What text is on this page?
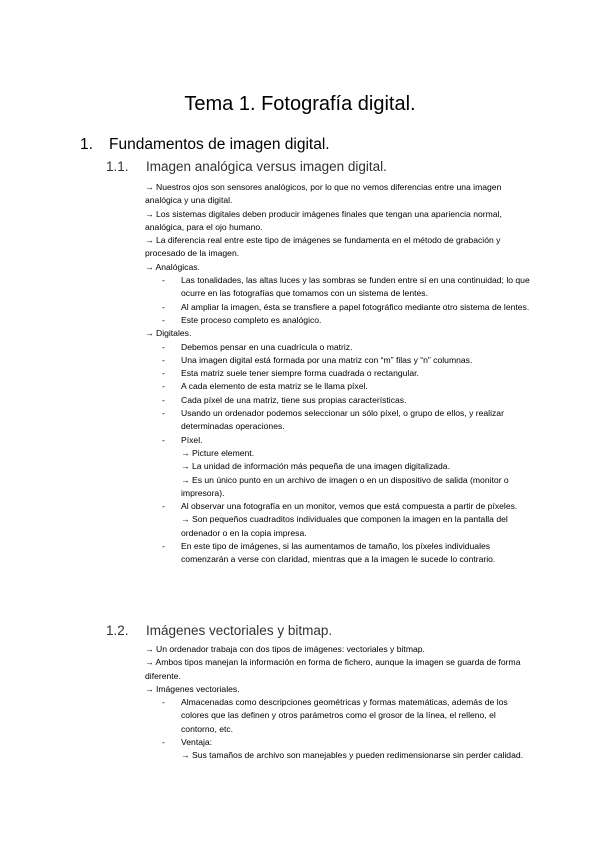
Tema 1. Fotografía digital.
1. Fundamentos de imagen digital.
1.1. Imagen analógica versus imagen digital.

→ Nuestros ojos son sensores analógicos, por lo que no vemos diferencias entre una imagen analógica y una digital.

→ Los sistemas digitales deben producir imágenes finales que tengan una apariencia normal, analógica, para el ojo humano.

→ La diferencia real entre este tipo de imágenes se fundamenta en el método de grabación y procesado de la imagen.

→ Analógicas.

- Las tonalidades, las altas luces y las sombras se funden entre sí en una continuidad; lo que ocurre en las fotografías que tomamos con un sistema de lentes.

- Al ampliar la imagen, ésta se transfiere a papel fotográfico mediante otro sistema de lentes.

- Este proceso completo es analógico.

→ Digitales.

- Debemos pensar en una cuadrícula o matriz.

- Una imagen digital está formada por una matriz con “m” filas y “n” columnas.

- Esta matriz suele tener siempre forma cuadrada o rectangular.

- A cada elemento de esta matriz se le llama píxel.

- Cada píxel de una matriz, tiene sus propias características.

- Usando un ordenador podemos seleccionar un sólo píxel, o grupo de ellos, y realizar determinadas operaciones.

- Píxel.
→ Picture element.
→ La unidad de información más pequeña de una imagen digitalizada.
→ Es un único punto en un archivo de imagen o en un dispositivo de salida (monitor o impresora).
- Al observar una fotografía en un monitor, vemos que está compuesta a partir de píxeles.
→ Son pequeños cuadraditos individuales que componen la imagen en la pantalla del ordenador o en la copia impresa.

- En este tipo de imágenes, si las aumentamos de tamaño, los píxeles individuales comenzarán a verse con claridad, mientras que a la imagen le sucede lo contrario.

1.2. Imágenes vectoriales y bitmap.

→ Un ordenador trabaja con dos tipos de imágenes: vectoriales y bitmap.

→ Ambos tipos manejan la información en forma de fichero, aunque la imagen se guarda de forma diferente.

→ Imágenes vectoriales.

- Almacenadas como descripciones geométricas y formas matemáticas, además de los colores que las definen y otros parámetros como el grosor de la línea, el relleno, el contorno, etc.

- Ventaja:
→ Sus tamaños de archivo son manejables y pueden redimensionarse sin perder calidad.
